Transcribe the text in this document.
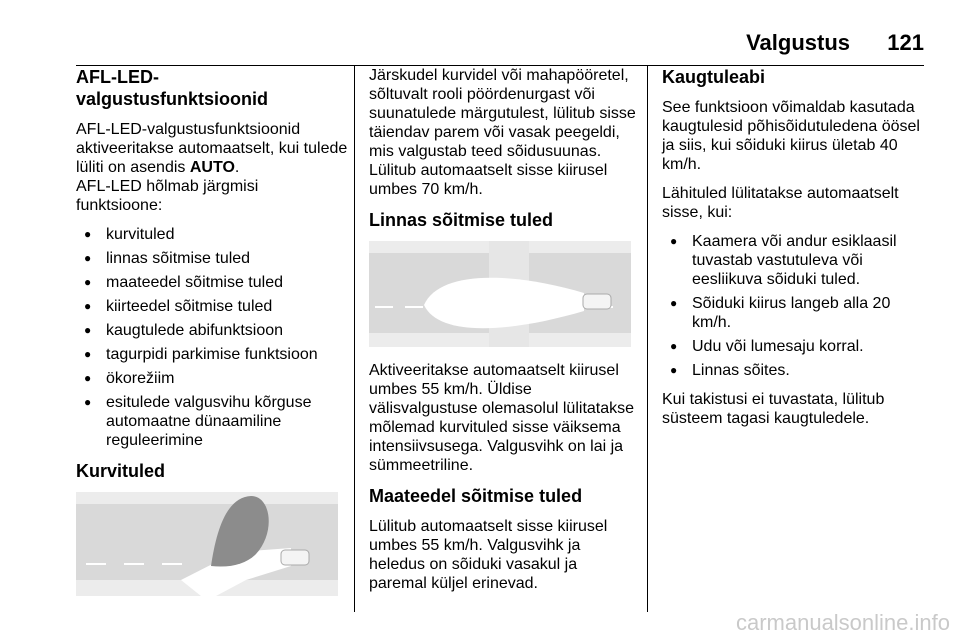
Valgustus 121
AFL-LED-valgustusfunktsioonid

AFL-LED-valgustusfunktsioonid aktiveeritakse automaatselt, kui tulede lüliti on asendis AUTO.
AFL-LED hõlmab järgmisi funktsioone:

● kurvituled
● linnas sõitmise tuled
● maateedel sõitmise tuled
● kiirteedel sõitmise tuled
● kaugtulede abifunktsioon
● tagurpidi parkimise funktsioon
● ökorežiim
● esitulede valgusvihu kõrguse automaatne dünaamiline reguleerimine
Kurvituled

Järskudel kurvidel või mahapööretel, sõltuvalt rooli pöördenurgast või suunatulede märgutulest, lülitub sisse täiendav parem või vasak peegeldi, mis valgustab teed sõidusuunas. Lülitub automaatselt sisse kiirusel umbes 70 km/h.

Linnas sõitmise tuled

Aktiveeritakse automaatselt kiirusel umbes 55 km/h. Üldise välisvalgustuse olemasolul lülitatakse mõlemad kurvituled sisse väiksema intensiivsusega. Valgusvihk on lai ja sümmeetriline.

Maateedel sõitmise tuled

Lülitub automaatselt sisse kiirusel umbes 55 km/h. Valgusvihk ja heledus on sõiduki vasakul ja paremal küljel erinevad.

Kaugtuleabi

See funktsioon võimaldab kasutada kaugtulesid põhisõidutuledena öösel ja siis, kui sõiduki kiirus ületab 40 km/h.

Lähituled lülitatakse automaatselt sisse, kui:

● Kaamera või andur esiklaasil tuvastab vastutuleva või eesliikuva sõiduki tuled.
● Sõiduki kiirus langeb alla 20 km/h.
● Udu või lumesaju korral.
● Linnas sõites.

Kui takistusi ei tuvastata, lülitub süsteem tagasi kaugtuledele.

carmanualsonline.info
